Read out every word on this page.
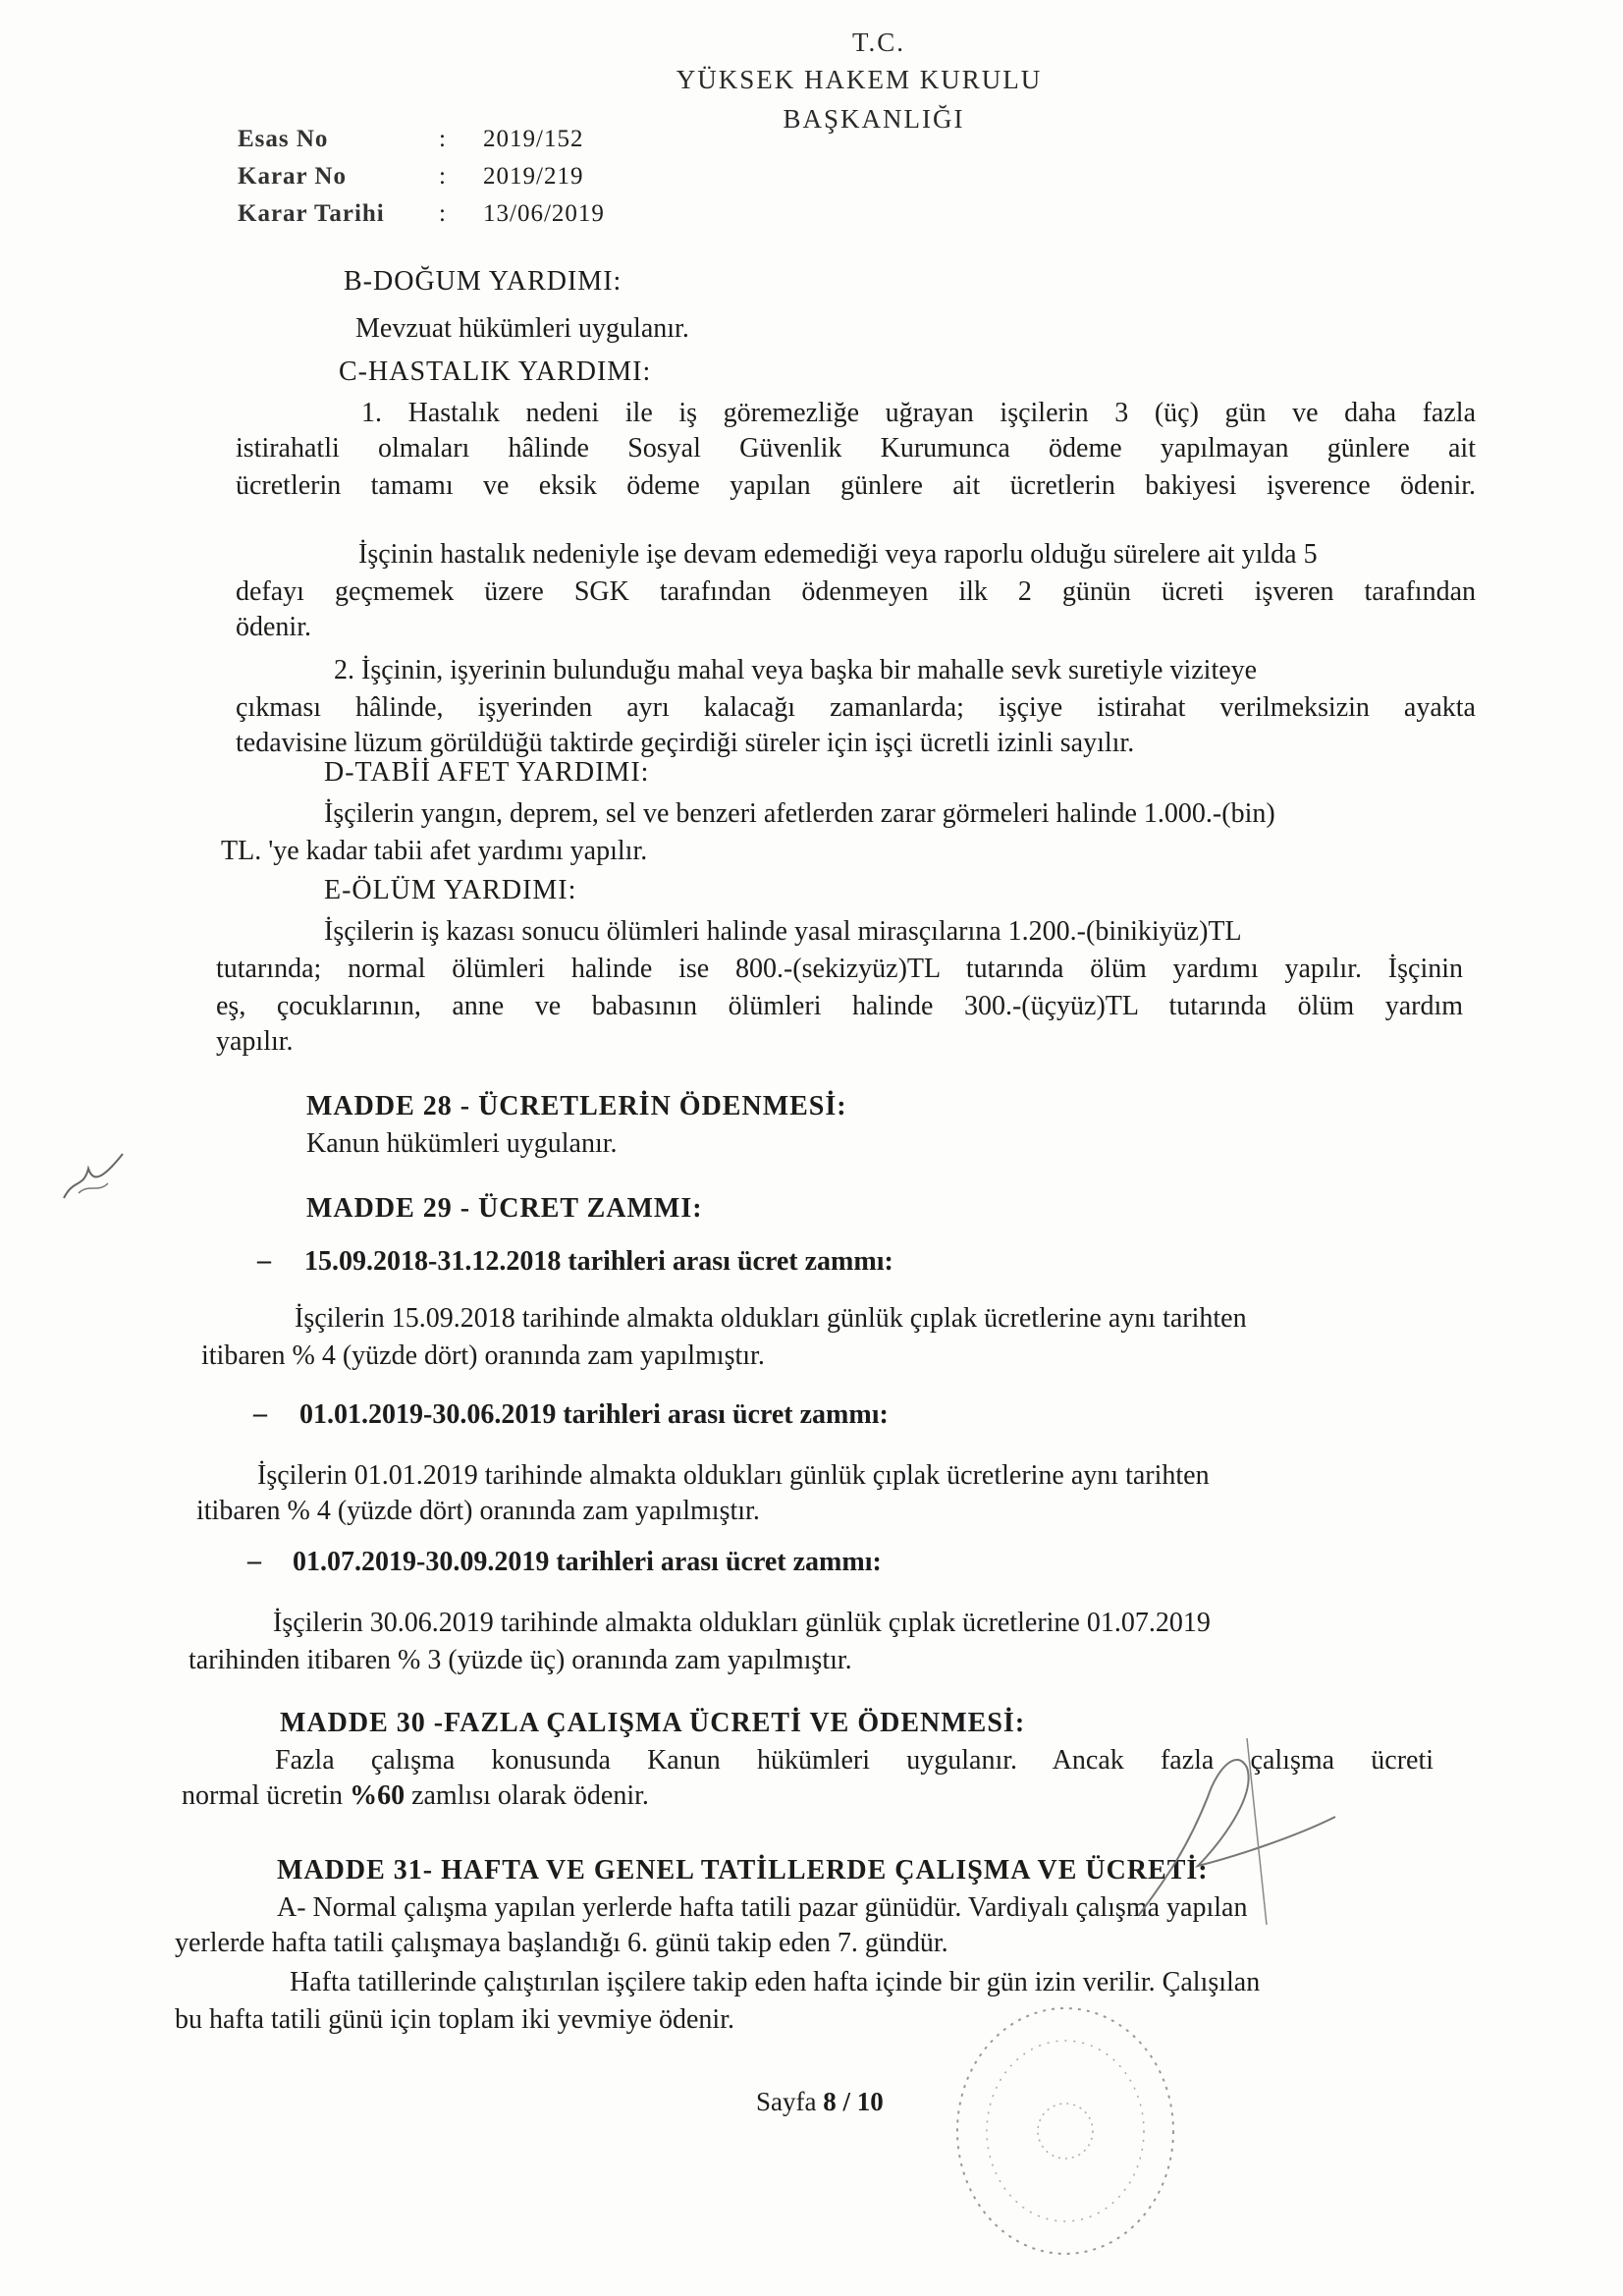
T.C.
YÜKSEK HAKEM KURULU
BAŞKANLIĞI
Esas No	: 2019/152
Karar No	: 2019/219
Karar Tarihi	: 13/06/2019
B-DOĞUM YARDIMI:
Mevzuat hükümleri uygulanır.
C-HASTALIK YARDIMI:
1. Hastalık nedeni ile iş göremezliğe uğrayan işçilerin 3 (üç) gün ve daha fazla
istirahatli olmaları hâlinde Sosyal Güvenlik Kurumunca ödeme yapılmayan günlere ait
ücretlerin tamamı ve eksik ödeme yapılan günlere ait ücretlerin bakiyesi işverence ödenir.
İşçinin hastalık nedeniyle işe devam edemediği veya raporlu olduğu sürelere ait yılda 5
defayı geçmemek üzere SGK tarafından ödenmeyen ilk 2 günün ücreti işveren tarafından
ödenir.
2. İşçinin, işyerinin bulunduğu mahal veya başka bir mahalle sevk suretiyle viziteye
çıkması hâlinde, işyerinden ayrı kalacağı zamanlarda; işçiye istirahat verilmeksizin ayakta
tedavisine lüzum görüldüğü taktirde geçirdiği süreler için işçi ücretli izinli sayılır.
D-TABİİ AFET YARDIMI:
İşçilerin yangın, deprem, sel ve benzeri afetlerden zarar görmeleri halinde 1.000.-(bin)
TL. 'ye kadar tabii afet yardımı yapılır.
E-ÖLÜM YARDIMI:
İşçilerin iş kazası sonucu ölümleri halinde yasal mirasçılarına 1.200.-(binikiyüz)TL
tutarında; normal ölümleri halinde ise 800.-(sekizyüz)TL tutarında ölüm yardımı yapılır. İşçinin
eş, çocuklarının, anne ve babasının ölümleri halinde 300.-(üçyüz)TL tutarında ölüm yardım
yapılır.
MADDE 28 - ÜCRETLERİN ÖDENMESİ:
Kanun hükümleri uygulanır.
MADDE 29 - ÜCRET ZAMMI:
– 15.09.2018-31.12.2018 tarihleri arası ücret zammı:
İşçilerin 15.09.2018 tarihinde almakta oldukları günlük çıplak ücretlerine aynı tarihten
itibaren % 4 (yüzde dört) oranında zam yapılmıştır.
– 01.01.2019-30.06.2019 tarihleri arası ücret zammı:
İşçilerin 01.01.2019 tarihinde almakta oldukları günlük çıplak ücretlerine aynı tarihten
itibaren % 4 (yüzde dört) oranında zam yapılmıştır.
– 01.07.2019-30.09.2019 tarihleri arası ücret zammı:
İşçilerin 30.06.2019 tarihinde almakta oldukları günlük çıplak ücretlerine 01.07.2019
tarihinden itibaren % 3 (yüzde üç) oranında zam yapılmıştır.
MADDE 30 -FAZLA ÇALIŞMA ÜCRETİ VE ÖDENMESİ:
Fazla çalışma konusunda Kanun hükümleri uygulanır. Ancak fazla çalışma ücreti
normal ücretin %60 zamlısı olarak ödenir.
MADDE 31- HAFTA VE GENEL TATİLLERDE ÇALIŞMA VE ÜCRETİ:
A- Normal çalışma yapılan yerlerde hafta tatili pazar günüdür. Vardiyalı çalışma yapılan
yerlerde hafta tatili çalışmaya başlandığı 6. günü takip eden 7. gündür.
Hafta tatillerinde çalıştırılan işçilere takip eden hafta içinde bir gün izin verilir. Çalışılan
bu hafta tatili günü için toplam iki yevmiye ödenir.
Sayfa 8 / 10
